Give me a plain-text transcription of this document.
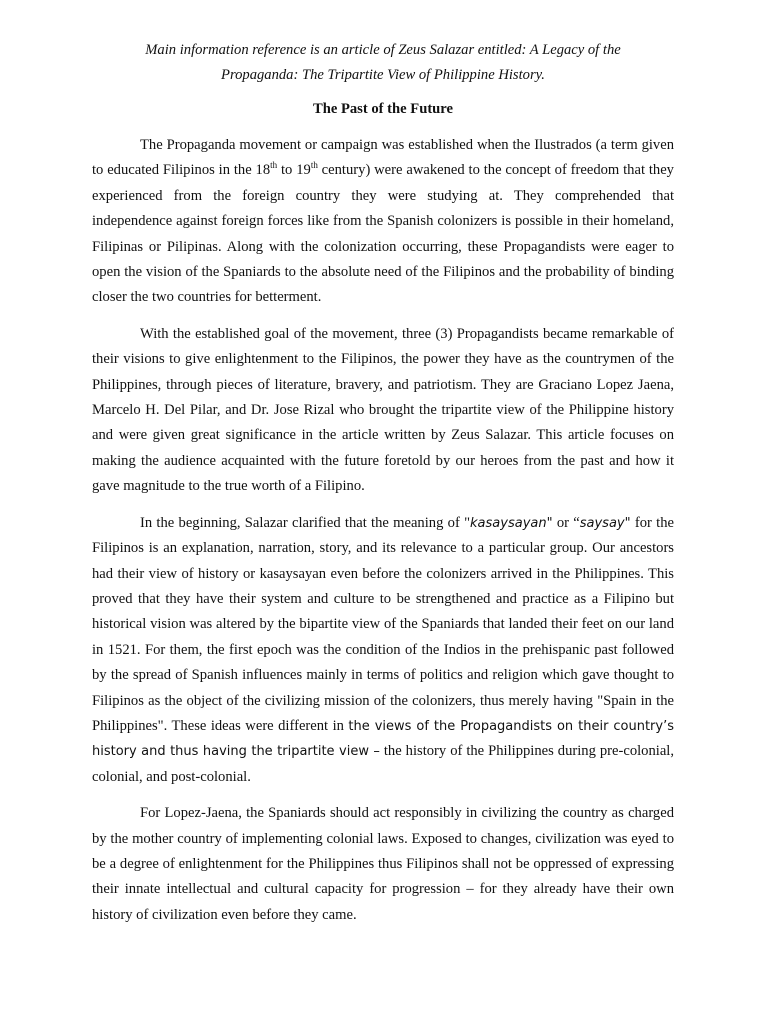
Main information reference is an article of Zeus Salazar entitled: A Legacy of the
Propaganda: The Tripartite View of Philippine History.

The Past of the Future

The Propaganda movement or campaign was established when the Ilustrados (a term given to educated Filipinos in the 18th to 19th century) were awakened to the concept of freedom that they experienced from the foreign country they were studying at. They comprehended that independence against foreign forces like from the Spanish colonizers is possible in their homeland, Filipinas or Pilipinas. Along with the colonization occurring, these Propagandists were eager to open the vision of the Spaniards to the absolute need of the Filipinos and the probability of binding closer the two countries for betterment.

With the established goal of the movement, three (3) Propagandists became remarkable of their visions to give enlightenment to the Filipinos, the power they have as the countrymen of the Philippines, through pieces of literature, bravery, and patriotism. They are Graciano Lopez Jaena, Marcelo H. Del Pilar, and Dr. Jose Rizal who brought the tripartite view of the Philippine history and were given great significance in the article written by Zeus Salazar. This article focuses on making the audience acquainted with the future foretold by our heroes from the past and how it gave magnitude to the true worth of a Filipino.

In the beginning, Salazar clarified that the meaning of "kasaysayan" or “saysay" for the Filipinos is an explanation, narration, story, and its relevance to a particular group. Our ancestors had their view of history or kasaysayan even before the colonizers arrived in the Philippines. This proved that they have their system and culture to be strengthened and practice as a Filipino but historical vision was altered by the bipartite view of the Spaniards that landed their feet on our land in 1521. For them, the first epoch was the condition of the Indios in the prehispanic past followed by the spread of Spanish influences mainly in terms of politics and religion which gave thought to Filipinos as the object of the civilizing mission of the colonizers, thus merely having "Spain in the Philippines". These ideas were different in the views of the Propagandists on their country’s history and thus having the tripartite view – the history of the Philippines during pre-colonial, colonial, and post-colonial.

For Lopez-Jaena, the Spaniards should act responsibly in civilizing the country as charged by the mother country of implementing colonial laws. Exposed to changes, civilization was eyed to be a degree of enlightenment for the Philippines thus Filipinos shall not be oppressed of expressing their innate intellectual and cultural capacity for progression – for they already have their own history of civilization even before they came.
